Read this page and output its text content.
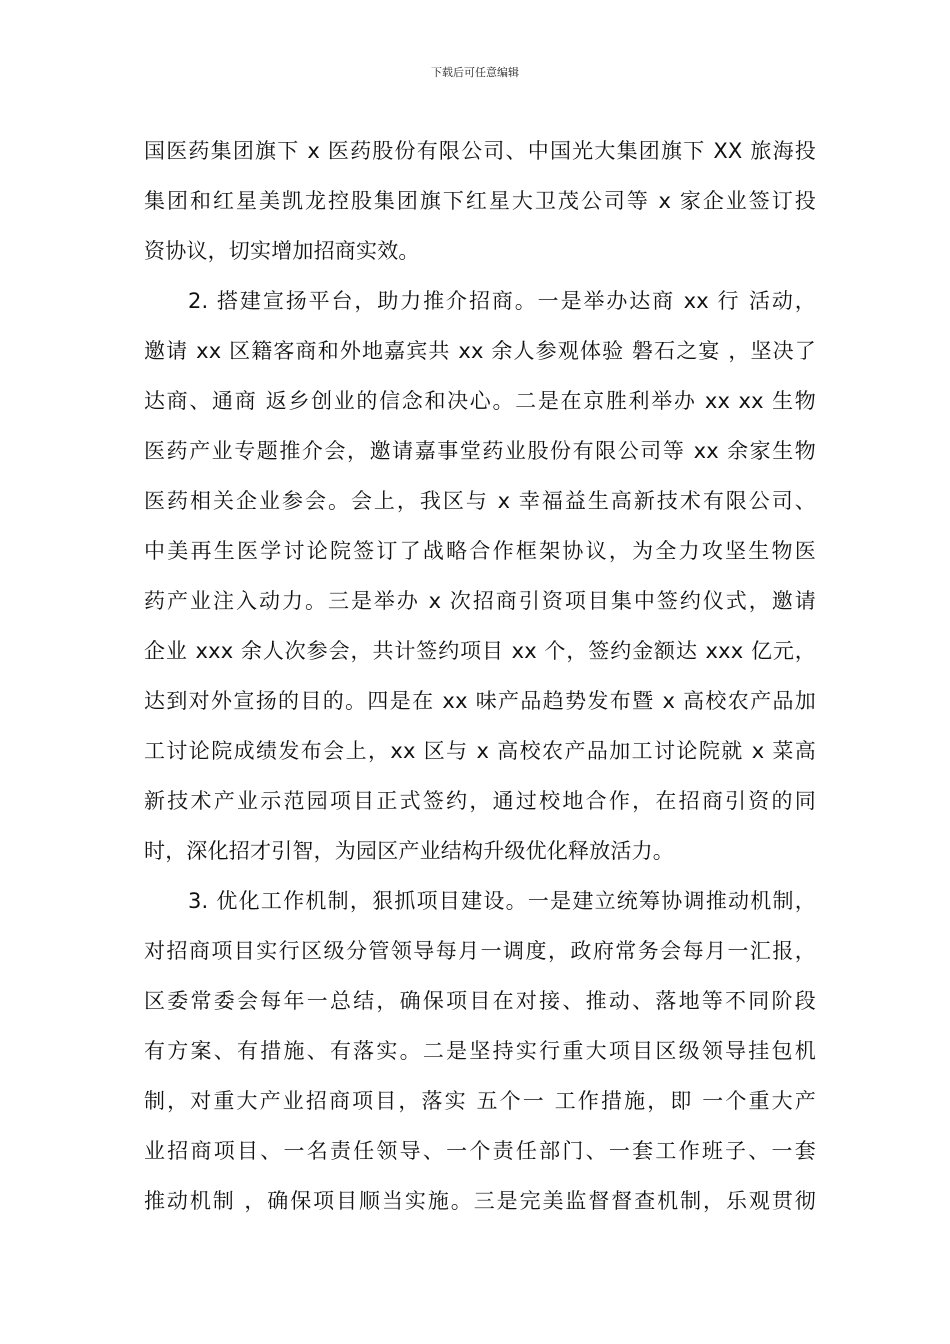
下载后可任意编辑
国医药集团旗下 x 医药股份有限公司、中国光大集团旗下 XX 旅海投
集团和红星美凯龙控股集团旗下红星大卫茂公司等 x 家企业签订投
资协议，切实增加招商实效。
2. 搭建宣扬平台，助力推介招商。一是举办达商 xx 行 活动，
邀请 xx 区籍客商和外地嘉宾共 xx 余人参观体验 磐石之宴 ，坚决了
达商、通商 返乡创业的信念和决心。二是在京胜利举办 xx xx 生物
医药产业专题推介会，邀请嘉事堂药业股份有限公司等 xx 余家生物
医药相关企业参会。会上，我区与 x 幸福益生高新技术有限公司、
中美再生医学讨论院签订了战略合作框架协议，为全力攻坚生物医
药产业注入动力。三是举办 x 次招商引资项目集中签约仪式，邀请
企业 xxx 余人次参会，共计签约项目 xx 个，签约金额达 xxx 亿元，
达到对外宣扬的目的。四是在 xx 味产品趋势发布暨 x 高校农产品加
工讨论院成绩发布会上，xx 区与 x 高校农产品加工讨论院就 x 菜高
新技术产业示范园项目正式签约，通过校地合作，在招商引资的同
时，深化招才引智，为园区产业结构升级优化释放活力。
3. 优化工作机制，狠抓项目建设。一是建立统筹协调推动机制，
对招商项目实行区级分管领导每月一调度，政府常务会每月一汇报，
区委常委会每年一总结，确保项目在对接、推动、落地等不同阶段
有方案、有措施、有落实。二是坚持实行重大项目区级领导挂包机
制，对重大产业招商项目，落实 五个一 工作措施，即 一个重大产
业招商项目、一名责任领导、一个责任部门、一套工作班子、一套
推动机制 ，确保项目顺当实施。三是完美监督督查机制，乐观贯彻
